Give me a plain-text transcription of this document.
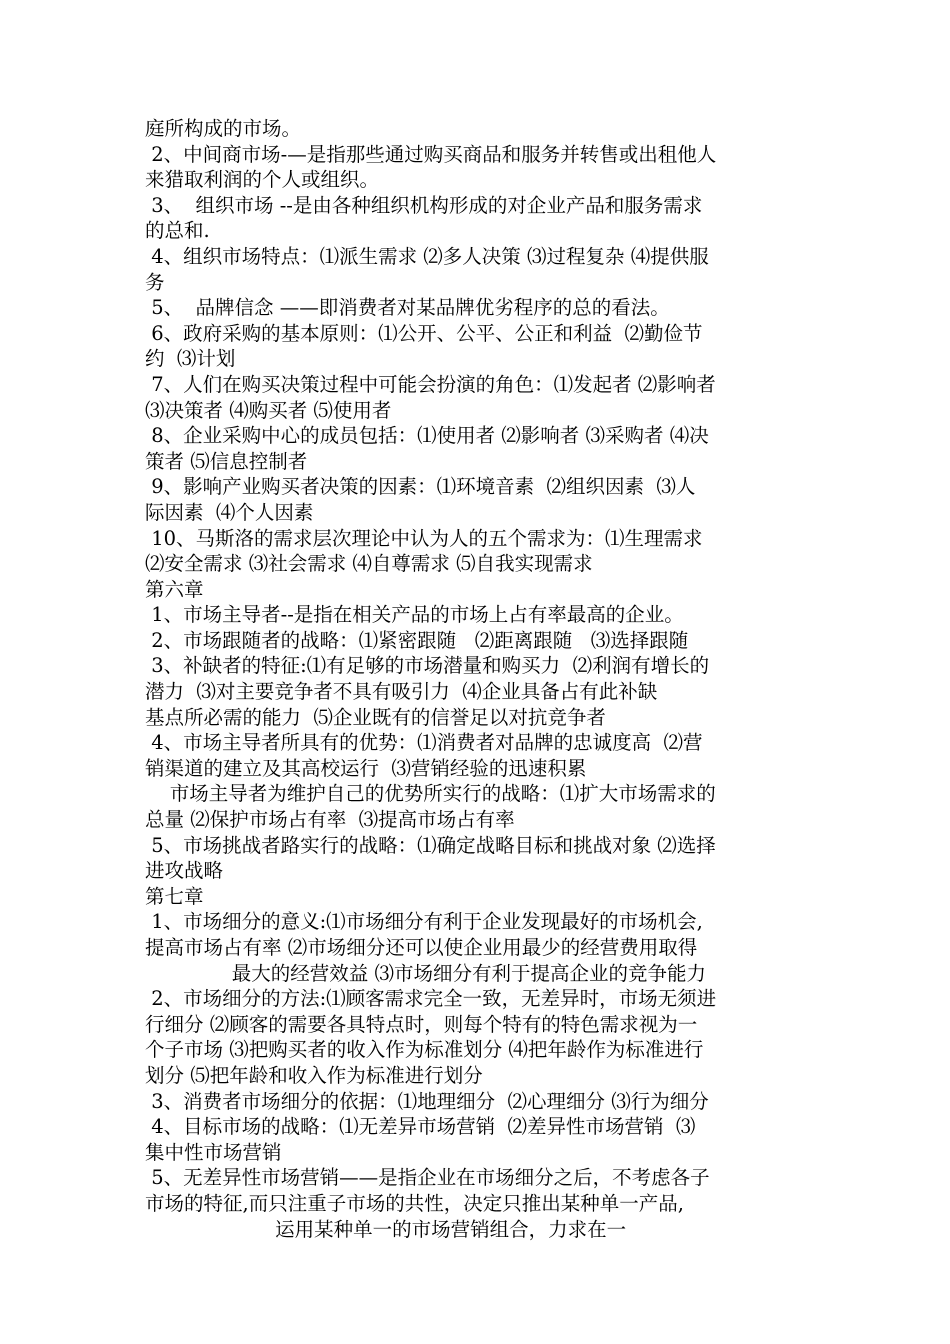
庭所构成的市场。
2、中间商市场-—是指那些通过购买商品和服务并转售或出租他人
来猎取利润的个人或组织。
3、  组织市场 --是由各种组织机构形成的对企业产品和服务需求
的总和.
4、组织市场特点：⑴派生需求 ⑵多人决策 ⑶过程复杂 ⑷提供服
务
5、  品牌信念 ——即消费者对某品牌优劣程序的总的看法。
6、政府采购的基本原则：⑴公开、公平、公正和利益  ⑵勤俭节
约  ⑶计划
7、人们在购买决策过程中可能会扮演的角色：⑴发起者 ⑵影响者
⑶决策者 ⑷购买者 ⑸使用者
8、企业采购中心的成员包括：⑴使用者 ⑵影响者 ⑶采购者 ⑷决
策者 ⑸信息控制者
9、影响产业购买者决策的因素：⑴环境音素  ⑵组织因素  ⑶人
际因素  ⑷个人因素
10、马斯洛的需求层次理论中认为人的五个需求为：⑴生理需求
⑵安全需求 ⑶社会需求 ⑷自尊需求 ⑸自我实现需求
第六章
1、市场主导者--是指在相关产品的市场上占有率最高的企业。
2、市场跟随者的战略：⑴紧密跟随   ⑵距离跟随   ⑶选择跟随
3、补缺者的特征:⑴有足够的市场潜量和购买力  ⑵利润有增长的
潜力  ⑶对主要竞争者不具有吸引力  ⑷企业具备占有此补缺
基点所必需的能力  ⑸企业既有的信誉足以对抗竞争者
4、市场主导者所具有的优势：⑴消费者对品牌的忠诚度高  ⑵营
销渠道的建立及其高校运行  ⑶营销经验的迅速积累
市场主导者为维护自己的优势所实行的战略：⑴扩大市场需求的
总量 ⑵保护市场占有率  ⑶提高市场占有率
5、市场挑战者路实行的战略：⑴确定战略目标和挑战对象 ⑵选择
进攻战略
第七章
1、市场细分的意义:⑴市场细分有利于企业发现最好的市场机会,
提高市场占有率 ⑵市场细分还可以使企业用最少的经营费用取得
最大的经营效益 ⑶市场细分有利于提高企业的竞争能力
2、市场细分的方法:⑴顾客需求完全一致，无差异时，市场无须进
行细分 ⑵顾客的需要各具特点时，则每个特有的特色需求视为一
个子市场 ⑶把购买者的收入作为标准划分 ⑷把年龄作为标准进行
划分 ⑸把年龄和收入作为标准进行划分
3、消费者市场细分的依据：⑴地理细分  ⑵心理细分 ⑶行为细分
4、目标市场的战略：⑴无差异市场营销  ⑵差异性市场营销  ⑶
集中性市场营销
5、无差异性市场营销——是指企业在市场细分之后，不考虑各子
市场的特征,而只注重子市场的共性，决定只推出某种单一产品,
运用某种单一的市场营销组合，力求在一
